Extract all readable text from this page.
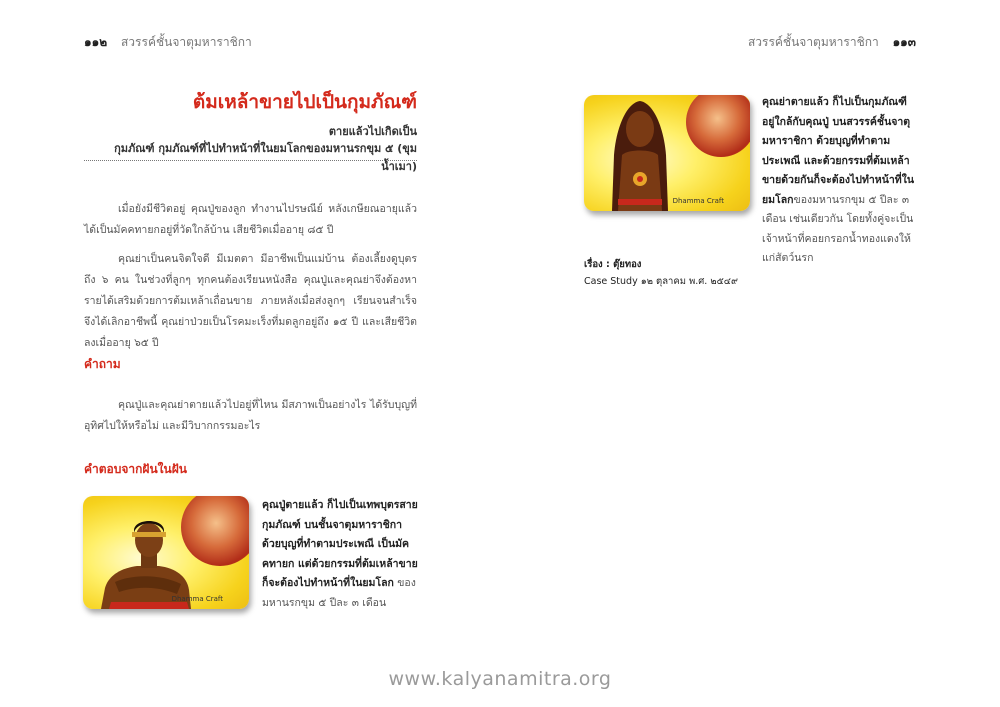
๑๑๒ สวรรค์ชั้นจาตุมหาราชิกา	สวรรค์ชั้นจาตุมหาราชิกา ๑๑๓
ต้มเหล้าขายไปเป็นกุมภัณฑ์
ตายแล้วไปเกิดเป็น
กุมภัณฑ์ กุมภัณฑ์ที่ไปทำหน้าที่ในยมโลกของมหานรกขุม ๕ (ขุมน้ำเมา)

เมื่อยังมีชีวิตอยู่ คุณปู่ของลูก ทำงานไปรษณีย์ หลังเกษียณอายุแล้ว ได้เป็นมัคคทายกอยู่ที่วัดใกล้บ้าน เสียชีวิตเมื่ออายุ ๘๕ ปี

คุณย่าเป็นคนจิตใจดี มีเมตตา มีอาชีพเป็นแม่บ้าน ต้องเลี้ยงดูบุตรถึง ๖ คน ในช่วงที่ลูกๆ ทุกคนต้องเรียนหนังสือ คุณปู่และคุณย่าจึงต้องหารายได้เสริมด้วยการต้มเหล้าเถื่อนขาย ภายหลังเมื่อส่งลูกๆ เรียนจนสำเร็จ จึงได้เลิกอาชีพนี้ คุณย่าป่วยเป็นโรคมะเร็งที่มดลูกอยู่ถึง ๑๕ ปี และเสียชีวิตลงเมื่ออายุ ๖๕ ปี

คำถาม

คุณปู่และคุณย่าตายแล้วไปอยู่ที่ไหน มีสภาพเป็นอย่างไร ได้รับบุญที่อุทิศไปให้หรือไม่ และมีวิบากกรรมอะไร

คำตอบจากฝันในฝัน
Dhamma Craft
คุณปู่ตายแล้ว ก็ไปเป็นเทพบุตรสายกุมภัณฑ์ บนชั้นจาตุมหาราชิกา ด้วยบุญที่ทำตามประเพณี เป็นมัคคทายก แต่ด้วยกรรมที่ต้มเหล้าขาย ก็จะต้องไปทำหน้าที่ในยมโลก ของมหานรกขุม ๕ ปีละ ๓ เดือน
Dhamma Craft
คุณย่าตายแล้ว ก็ไปเป็นกุมภัณฑี อยู่ใกล้กับคุณปู่ บนสวรรค์ชั้นจาตุมหาราชิกา ด้วยบุญที่ทำตามประเพณี และด้วยกรรมที่ต้มเหล้าขายด้วยกันก็จะต้องไปทำหน้าที่ในยมโลกของมหานรกขุม ๕ ปีละ ๓ เดือน เช่นเดียวกัน โดยทั้งคู่จะเป็นเจ้าหน้าที่คอยกรอกน้ำทองแดงให้แก่สัตว์นรก
เรื่อง : ตุ๊ยทอง
Case Study ๑๒ ตุลาคม พ.ศ. ๒๕๔๙
www.kalyanamitra.org
